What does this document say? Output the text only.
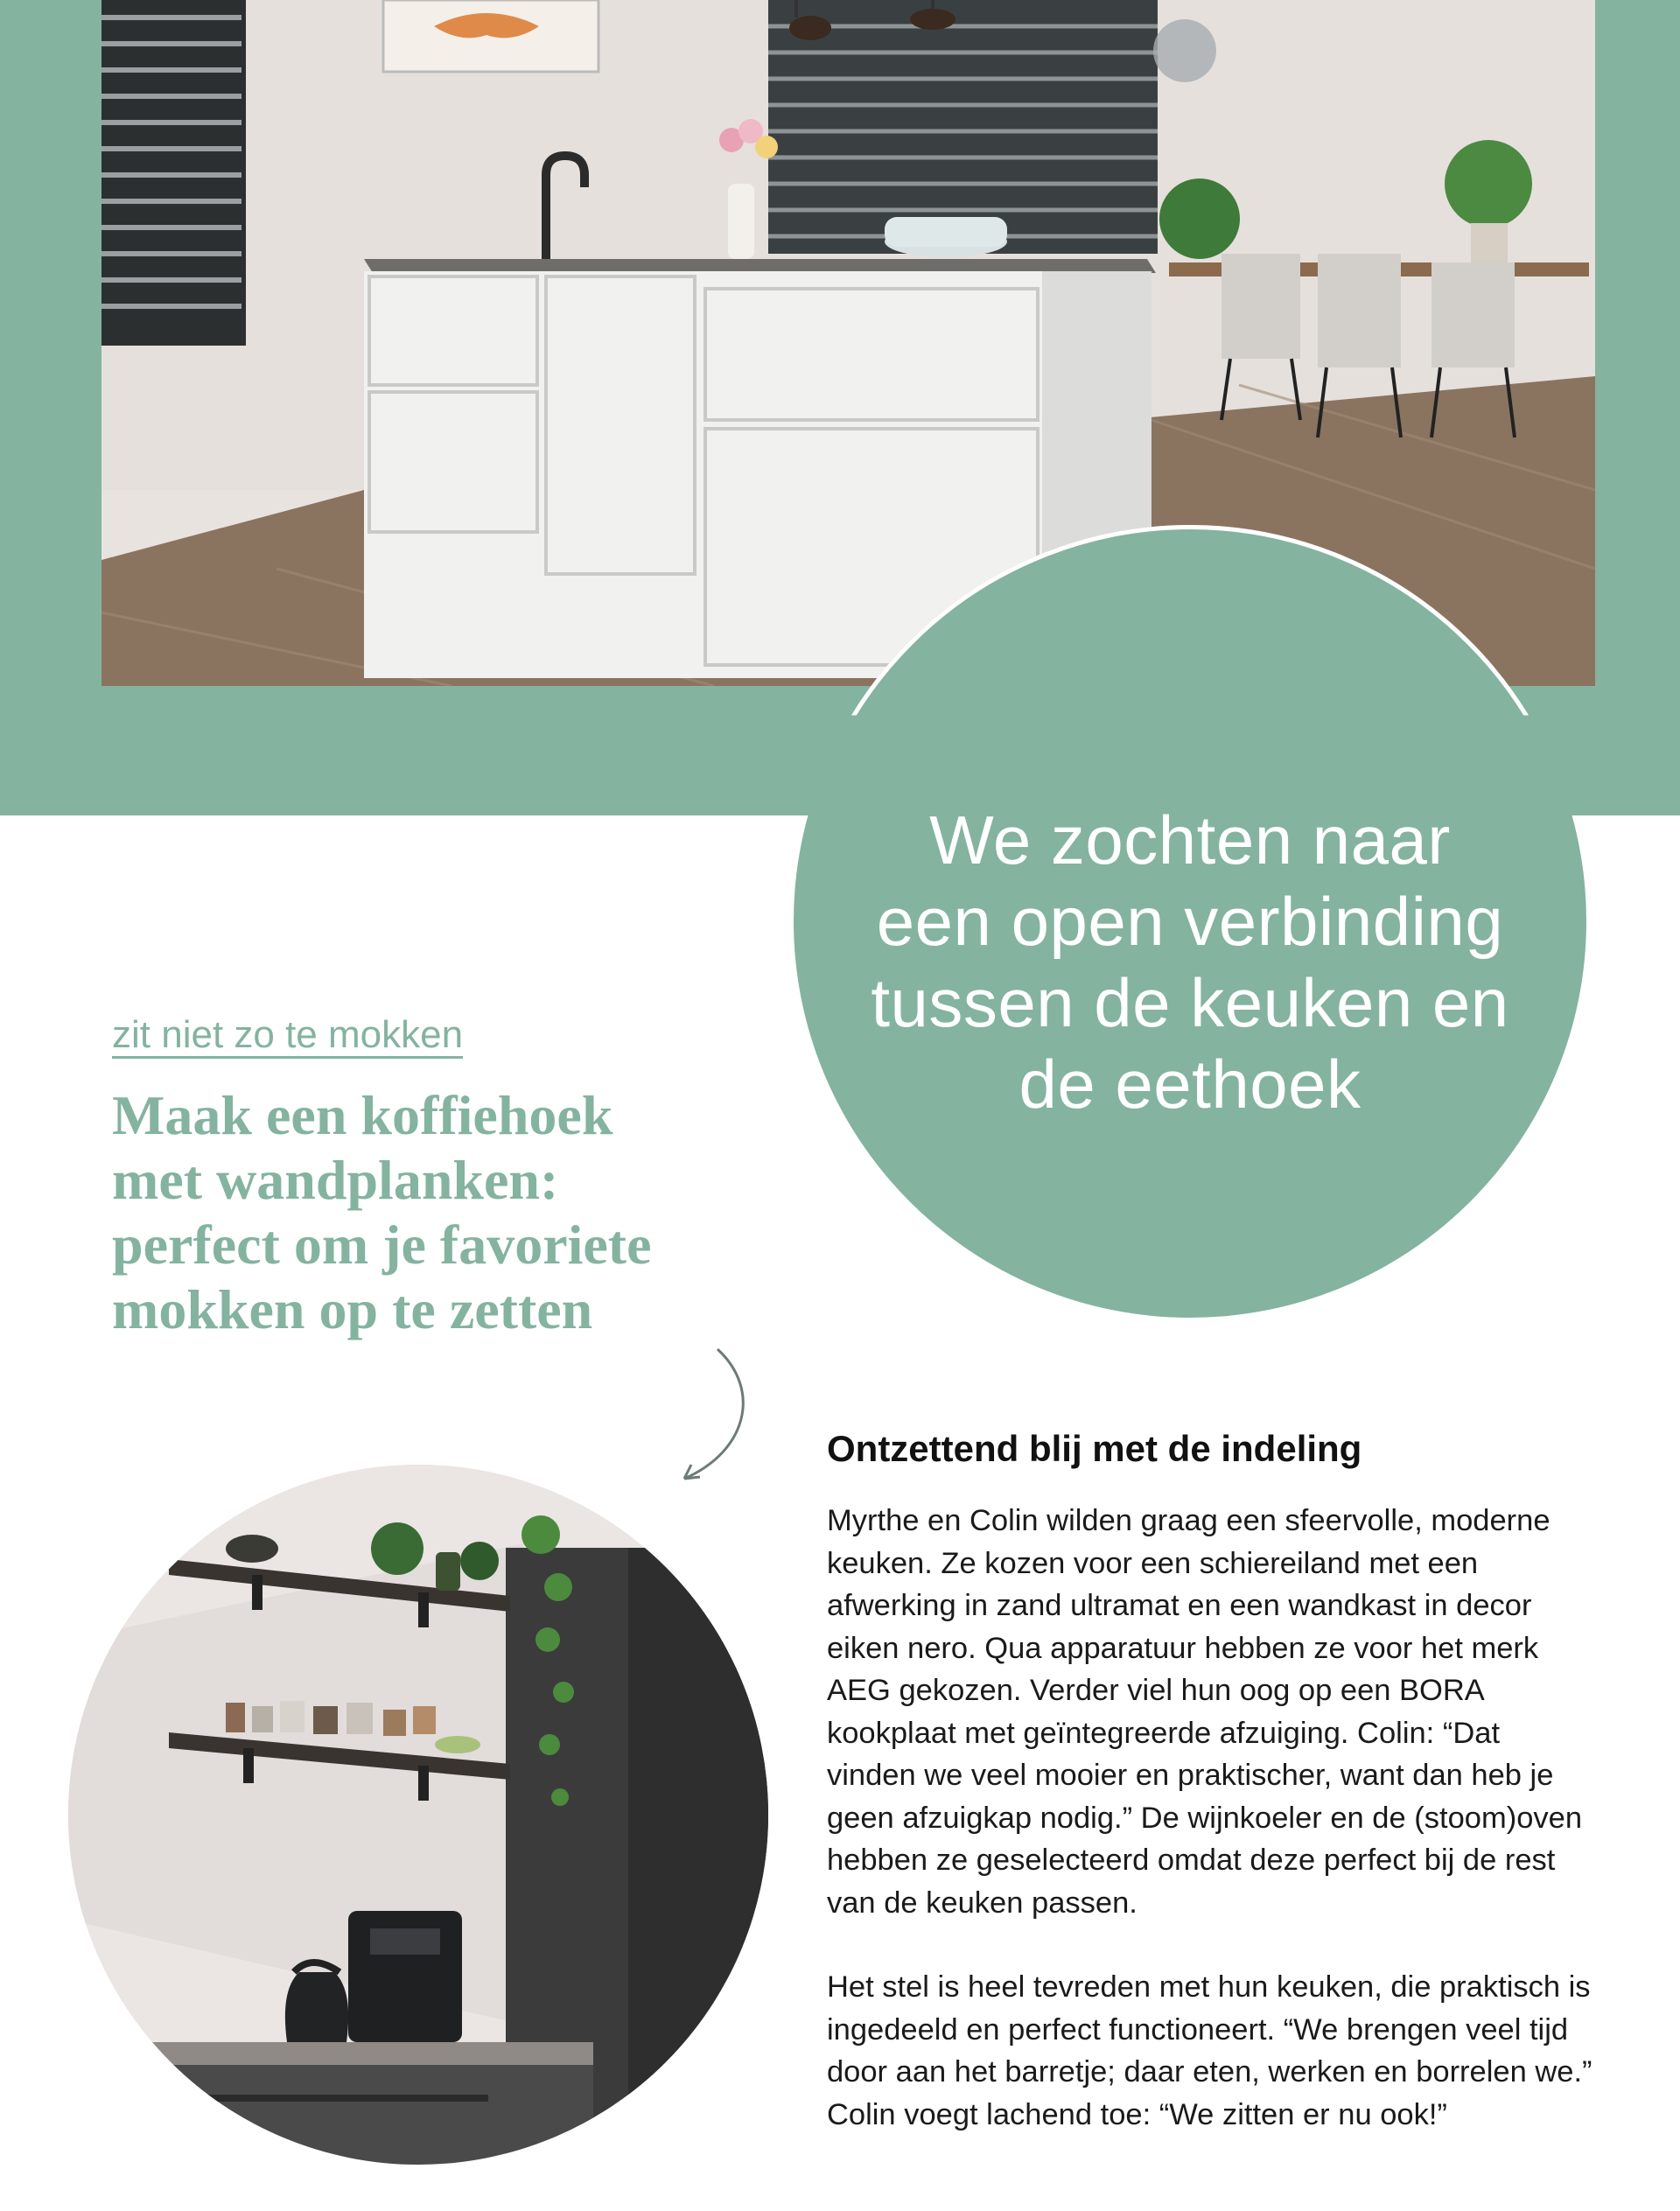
We zochten naar
een open verbinding
tussen de keuken en
de eethoek
zit niet zo te mokken
Maak een koffiehoek
met wandplanken:
perfect om je favoriete
mokken op te zetten
Ontzettend blij met de indeling

Myrthe en Colin wilden graag een sfeervolle, moderne keuken. Ze kozen voor een schiereiland met een afwerking in zand ultramat en een wandkast in decor eiken nero. Qua apparatuur hebben ze voor het merk AEG gekozen. Verder viel hun oog op een BORA kookplaat met geïntegreerde afzuiging. Colin: “Dat vinden we veel mooier en praktischer, want dan heb je geen afzuigkap nodig.” De wijnkoeler en de (stoom)oven hebben ze geselecteerd omdat deze perfect bij de rest van de keuken passen.

Het stel is heel tevreden met hun keuken, die praktisch is ingedeeld en perfect functioneert. “We brengen veel tijd door aan het barretje; daar eten, werken en borrelen we.” Colin voegt lachend toe: “We zitten er nu ook!”
